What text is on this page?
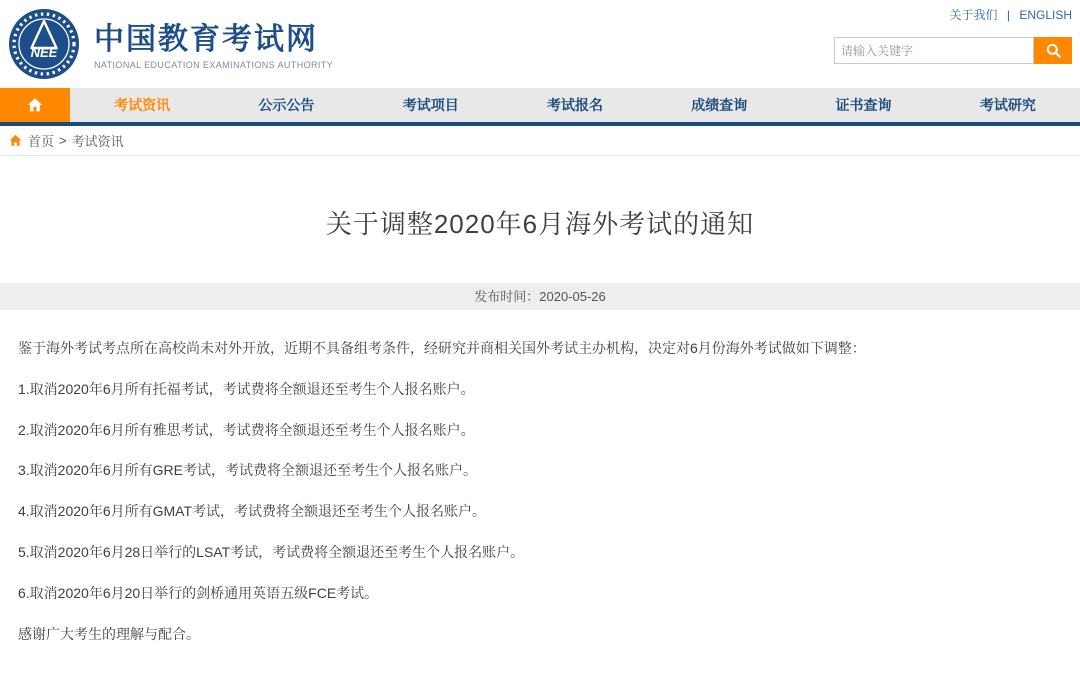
NEE 中国教育考试网
NATIONAL EDUCATION EXAMINATIONS AUTHORITY
关于我们 | ENGLISH
请输入关键字
考试资讯	公示公告	考试项目	考试报名	成绩查询	证书查询	考试研究
首页 > 考试资讯
关于调整2020年6月海外考试的通知
发布时间：2020-05-26

鉴于海外考试考点所在高校尚未对外开放，近期不具备组考条件，经研究并商相关国外考试主办机构，决定对6月份海外考试做如下调整：

1.取消2020年6月所有托福考试，考试费将全额退还至考生个人报名账户。

2.取消2020年6月所有雅思考试，考试费将全额退还至考生个人报名账户。

3.取消2020年6月所有GRE考试，考试费将全额退还至考生个人报名账户。

4.取消2020年6月所有GMAT考试，考试费将全额退还至考生个人报名账户。

5.取消2020年6月28日举行的LSAT考试，考试费将全额退还至考生个人报名账户。

6.取消2020年6月20日举行的剑桥通用英语五级FCE考试。

感谢广大考生的理解与配合。
